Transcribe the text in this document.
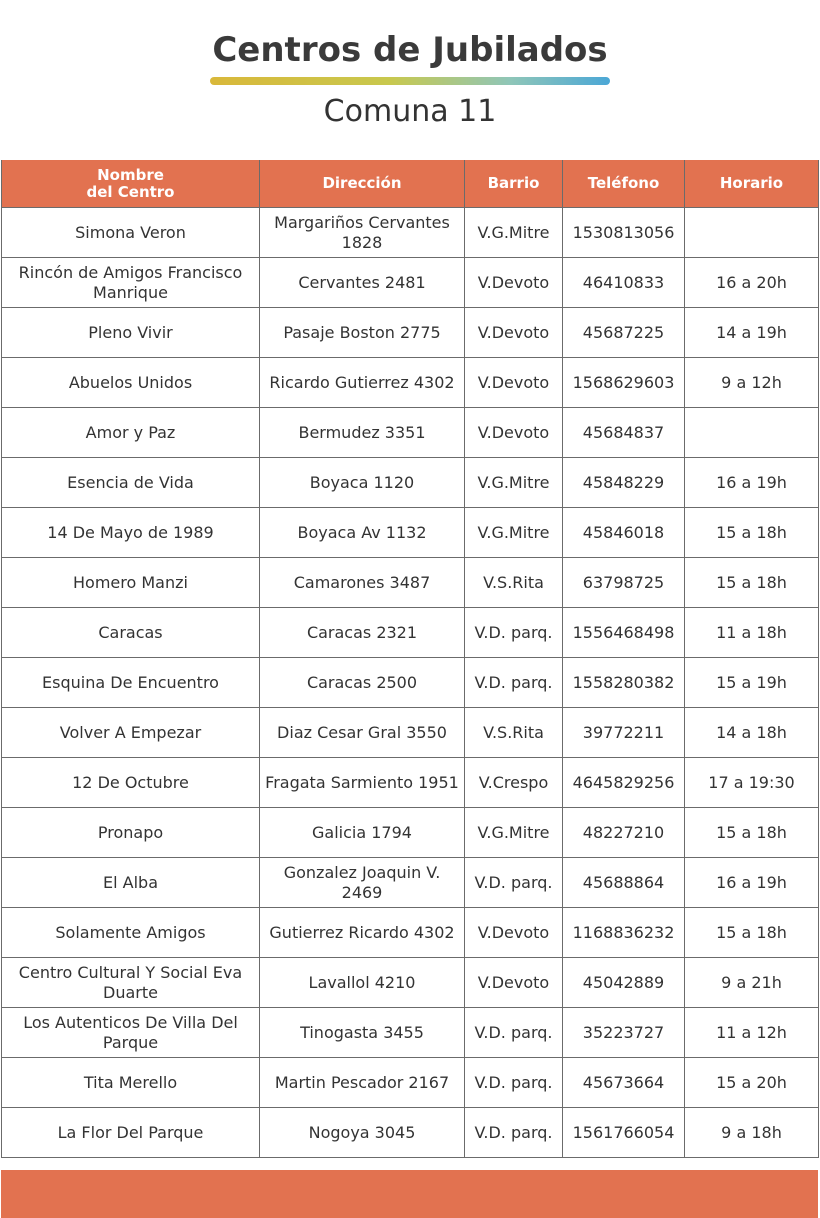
Centros de Jubilados
Comuna 11
Nombre
del Centro	Dirección	Barrio	Teléfono	Horario
Simona Veron	Margariños Cervantes 1828	V.G.Mitre	1530813056	
Rincón de Amigos Francisco Manrique	Cervantes 2481	V.Devoto	46410833	16 a 20h
Pleno Vivir	Pasaje Boston 2775	V.Devoto	45687225	14 a 19h
Abuelos Unidos	Ricardo Gutierrez 4302	V.Devoto	1568629603	9 a 12h
Amor y Paz	Bermudez 3351	V.Devoto	45684837	
Esencia de Vida	Boyaca 1120	V.G.Mitre	45848229	16 a 19h
14 De Mayo de 1989	Boyaca Av 1132	V.G.Mitre	45846018	15 a 18h
Homero Manzi	Camarones 3487	V.S.Rita	63798725	15 a 18h
Caracas	Caracas 2321	V.D. parq.	1556468498	11 a 18h
Esquina De Encuentro	Caracas 2500	V.D. parq.	1558280382	15 a 19h
Volver A Empezar	Diaz Cesar Gral 3550	V.S.Rita	39772211	14 a 18h
12 De Octubre	Fragata Sarmiento 1951	V.Crespo	4645829256	17 a 19:30
Pronapo	Galicia 1794	V.G.Mitre	48227210	15 a 18h
El Alba	Gonzalez Joaquin V. 2469	V.D. parq.	45688864	16 a 19h
Solamente Amigos	Gutierrez Ricardo 4302	V.Devoto	1168836232	15 a 18h
Centro Cultural Y Social Eva Duarte	Lavallol 4210	V.Devoto	45042889	9 a 21h
Los Autenticos De Villa Del Parque	Tinogasta 3455	V.D. parq.	35223727	11 a 12h
Tita Merello	Martin Pescador 2167	V.D. parq.	45673664	15 a 20h
La Flor Del Parque	Nogoya 3045	V.D. parq.	1561766054	9 a 18h
